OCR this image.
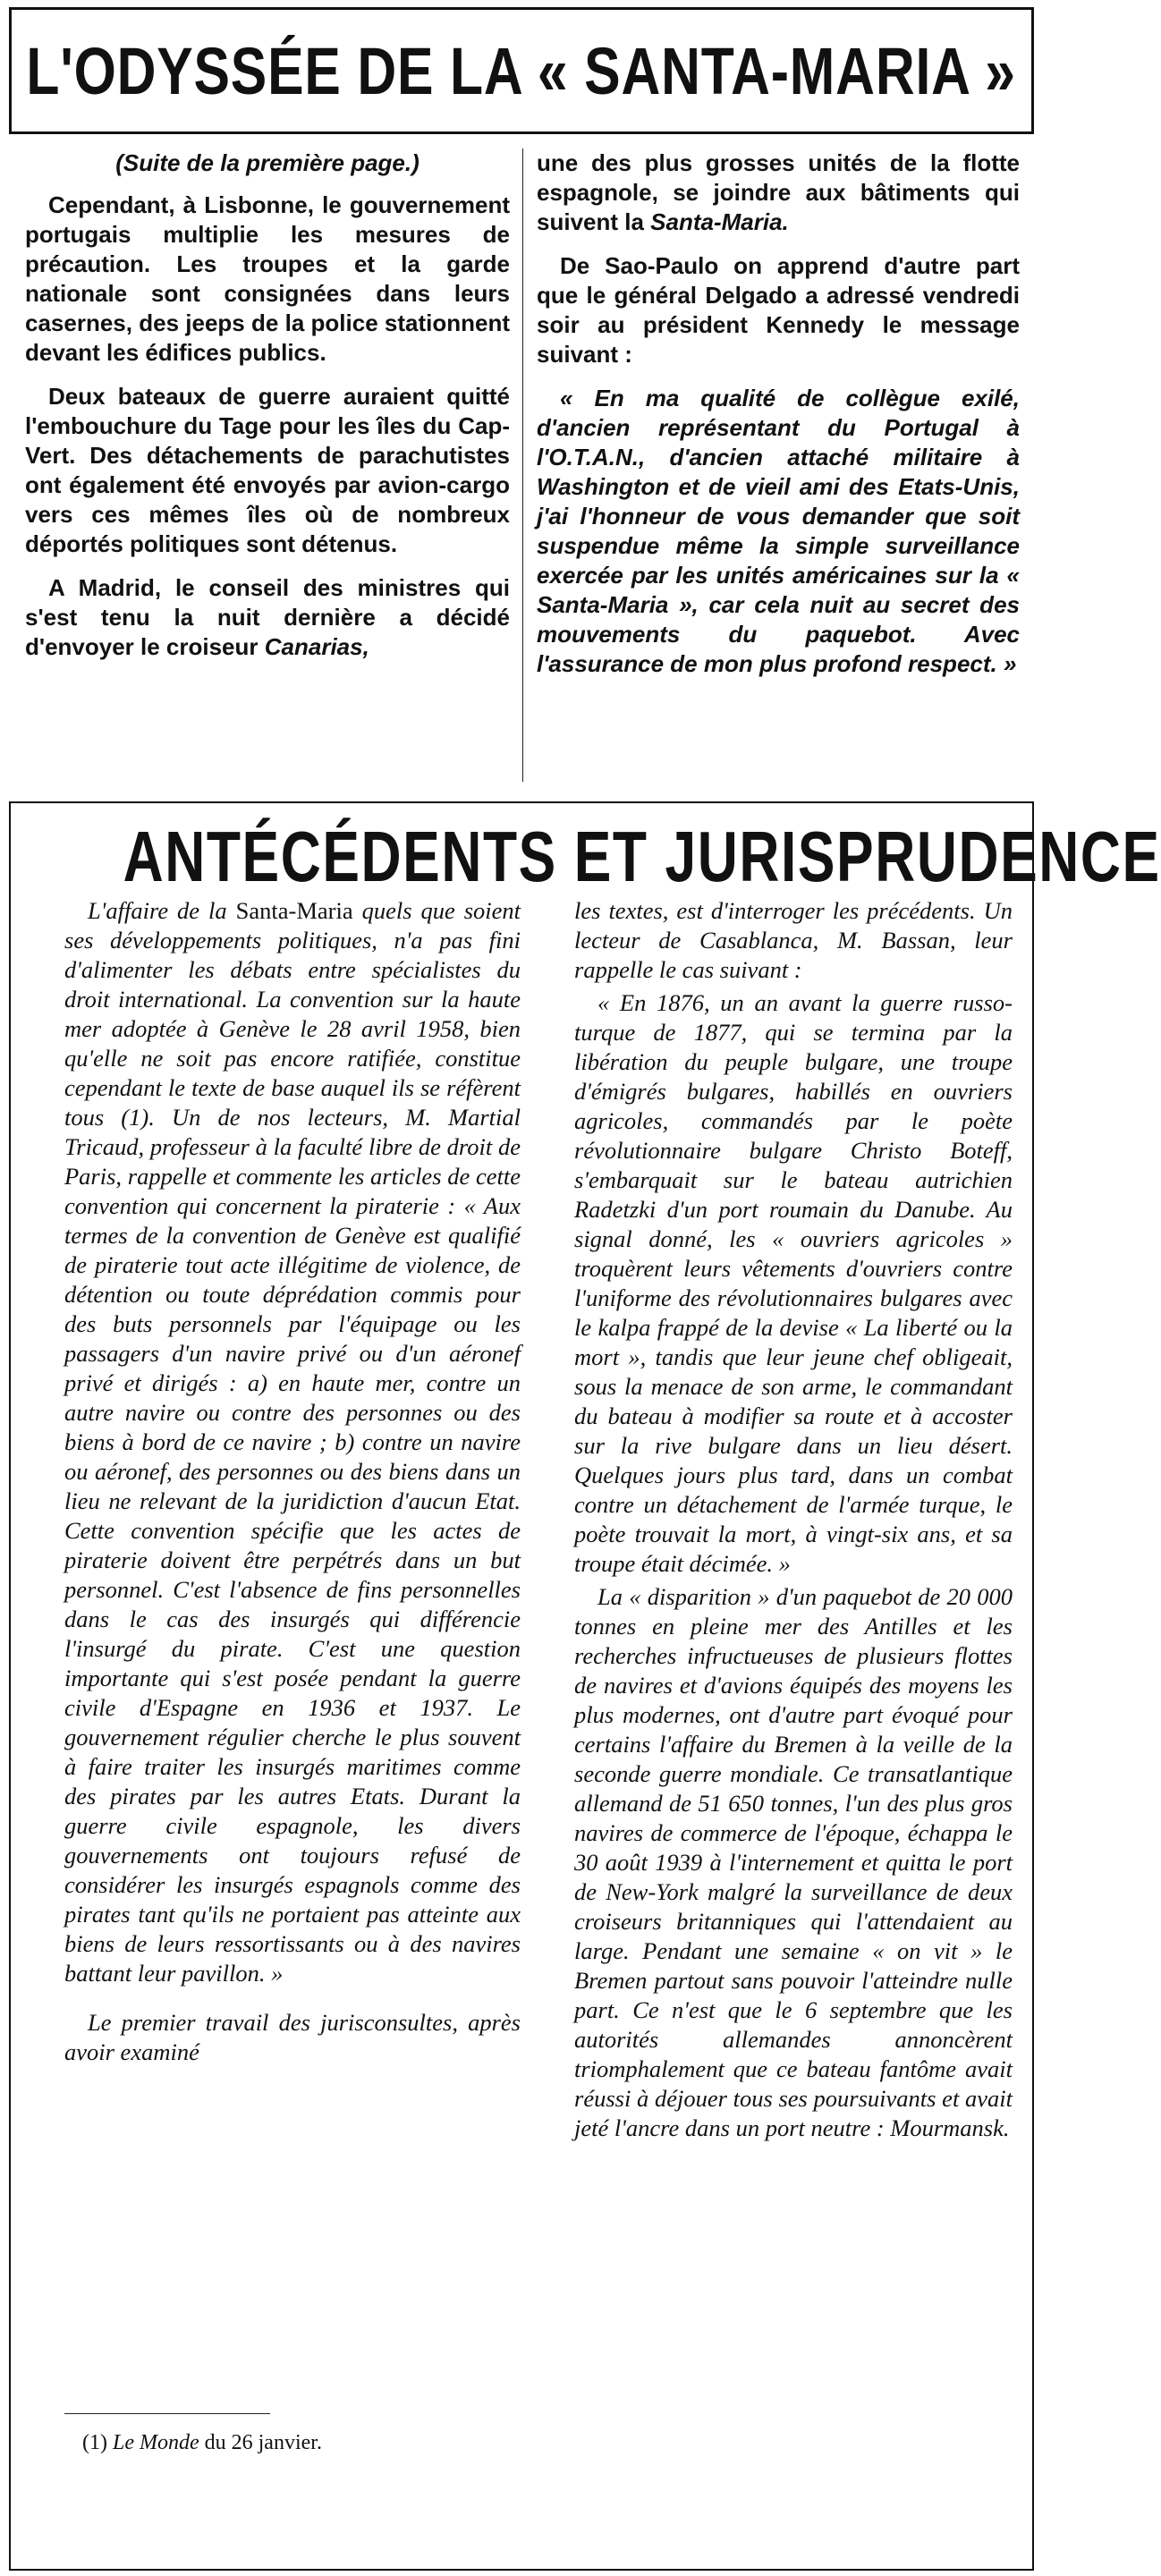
L'ODYSSÉE DE LA « SANTA-MARIA »

(Suite de la première page.)

Cependant, à Lisbonne, le gouvernement portugais multiplie les mesures de précaution. Les troupes et la garde nationale sont consignées dans leurs casernes, des jeeps de la police stationnent devant les édifices publics.

Deux bateaux de guerre auraient quitté l'embouchure du Tage pour les îles du Cap-Vert. Des détachements de parachutistes ont également été envoyés par avion-cargo vers ces mêmes îles où de nombreux déportés politiques sont détenus.

A Madrid, le conseil des ministres qui s'est tenu la nuit dernière a décidé d'envoyer le croiseur Canarias,

une des plus grosses unités de la flotte espagnole, se joindre aux bâtiments qui suivent la Santa-Maria.

De Sao-Paulo on apprend d'autre part que le général Delgado a adressé vendredi soir au président Kennedy le message suivant :

« En ma qualité de collègue exilé, d'ancien représentant du Portugal à l'O.T.A.N., d'ancien attaché militaire à Washington et de vieil ami des Etats-Unis, j'ai l'honneur de vous demander que soit suspendue même la simple surveillance exercée par les unités américaines sur la « Santa-Maria », car cela nuit au secret des mouvements du paquebot. Avec l'assurance de mon plus profond respect. »

ANTÉCÉDENTS ET JURISPRUDENCE

L'affaire de la Santa-Maria quels que soient ses développements politiques, n'a pas fini d'alimenter les débats entre spécialistes du droit international. La convention sur la haute mer adoptée à Genève le 28 avril 1958, bien qu'elle ne soit pas encore ratifiée, constitue cependant le texte de base auquel ils se réfèrent tous (1). Un de nos lecteurs, M. Martial Tricaud, professeur à la faculté libre de droit de Paris, rappelle et commente les articles de cette convention qui concernent la piraterie : « Aux termes de la convention de Genève est qualifié de piraterie tout acte illégitime de violence, de détention ou toute déprédation commis pour des buts personnels par l'équipage ou les passagers d'un navire privé ou d'un aéronef privé et dirigés : a) en haute mer, contre un autre navire ou contre des personnes ou des biens à bord de ce navire ; b) contre un navire ou aéronef, des personnes ou des biens dans un lieu ne relevant de la juridiction d'aucun Etat. Cette convention spécifie que les actes de piraterie doivent être perpétrés dans un but personnel. C'est l'absence de fins personnelles dans le cas des insurgés qui différencie l'insurgé du pirate. C'est une question importante qui s'est posée pendant la guerre civile d'Espagne en 1936 et 1937. Le gouvernement régulier cherche le plus souvent à faire traiter les insurgés maritimes comme des pirates par les autres Etats. Durant la guerre civile espagnole, les divers gouvernements ont toujours refusé de considérer les insurgés espagnols comme des pirates tant qu'ils ne portaient pas atteinte aux biens de leurs ressortissants ou à des navires battant leur pavillon. »

Le premier travail des jurisconsultes, après avoir examiné

les textes, est d'interroger les précédents. Un lecteur de Casablanca, M. Bassan, leur rappelle le cas suivant :

« En 1876, un an avant la guerre russo-turque de 1877, qui se termina par la libération du peuple bulgare, une troupe d'émigrés bulgares, habillés en ouvriers agricoles, commandés par le poète révolutionnaire bulgare Christo Boteff, s'embarquait sur le bateau autrichien Radetzki d'un port roumain du Danube. Au signal donné, les « ouvriers agricoles » troquèrent leurs vêtements d'ouvriers contre l'uniforme des révolutionnaires bulgares avec le kalpa frappé de la devise « La liberté ou la mort », tandis que leur jeune chef obligeait, sous la menace de son arme, le commandant du bateau à modifier sa route et à accoster sur la rive bulgare dans un lieu désert. Quelques jours plus tard, dans un combat contre un détachement de l'armée turque, le poète trouvait la mort, à vingt-six ans, et sa troupe était décimée. »

La « disparition » d'un paquebot de 20 000 tonnes en pleine mer des Antilles et les recherches infructueuses de plusieurs flottes de navires et d'avions équipés des moyens les plus modernes, ont d'autre part évoqué pour certains l'affaire du Bremen à la veille de la seconde guerre mondiale. Ce transatlantique allemand de 51 650 tonnes, l'un des plus gros navires de commerce de l'époque, échappa le 30 août 1939 à l'internement et quitta le port de New-York malgré la surveillance de deux croiseurs britanniques qui l'attendaient au large. Pendant une semaine « on vit » le Bremen partout sans pouvoir l'atteindre nulle part. Ce n'est que le 6 septembre que les autorités allemandes annoncèrent triomphalement que ce bateau fantôme avait réussi à déjouer tous ses poursuivants et avait jeté l'ancre dans un port neutre : Mourmansk.

(1) Le Monde du 26 janvier.
